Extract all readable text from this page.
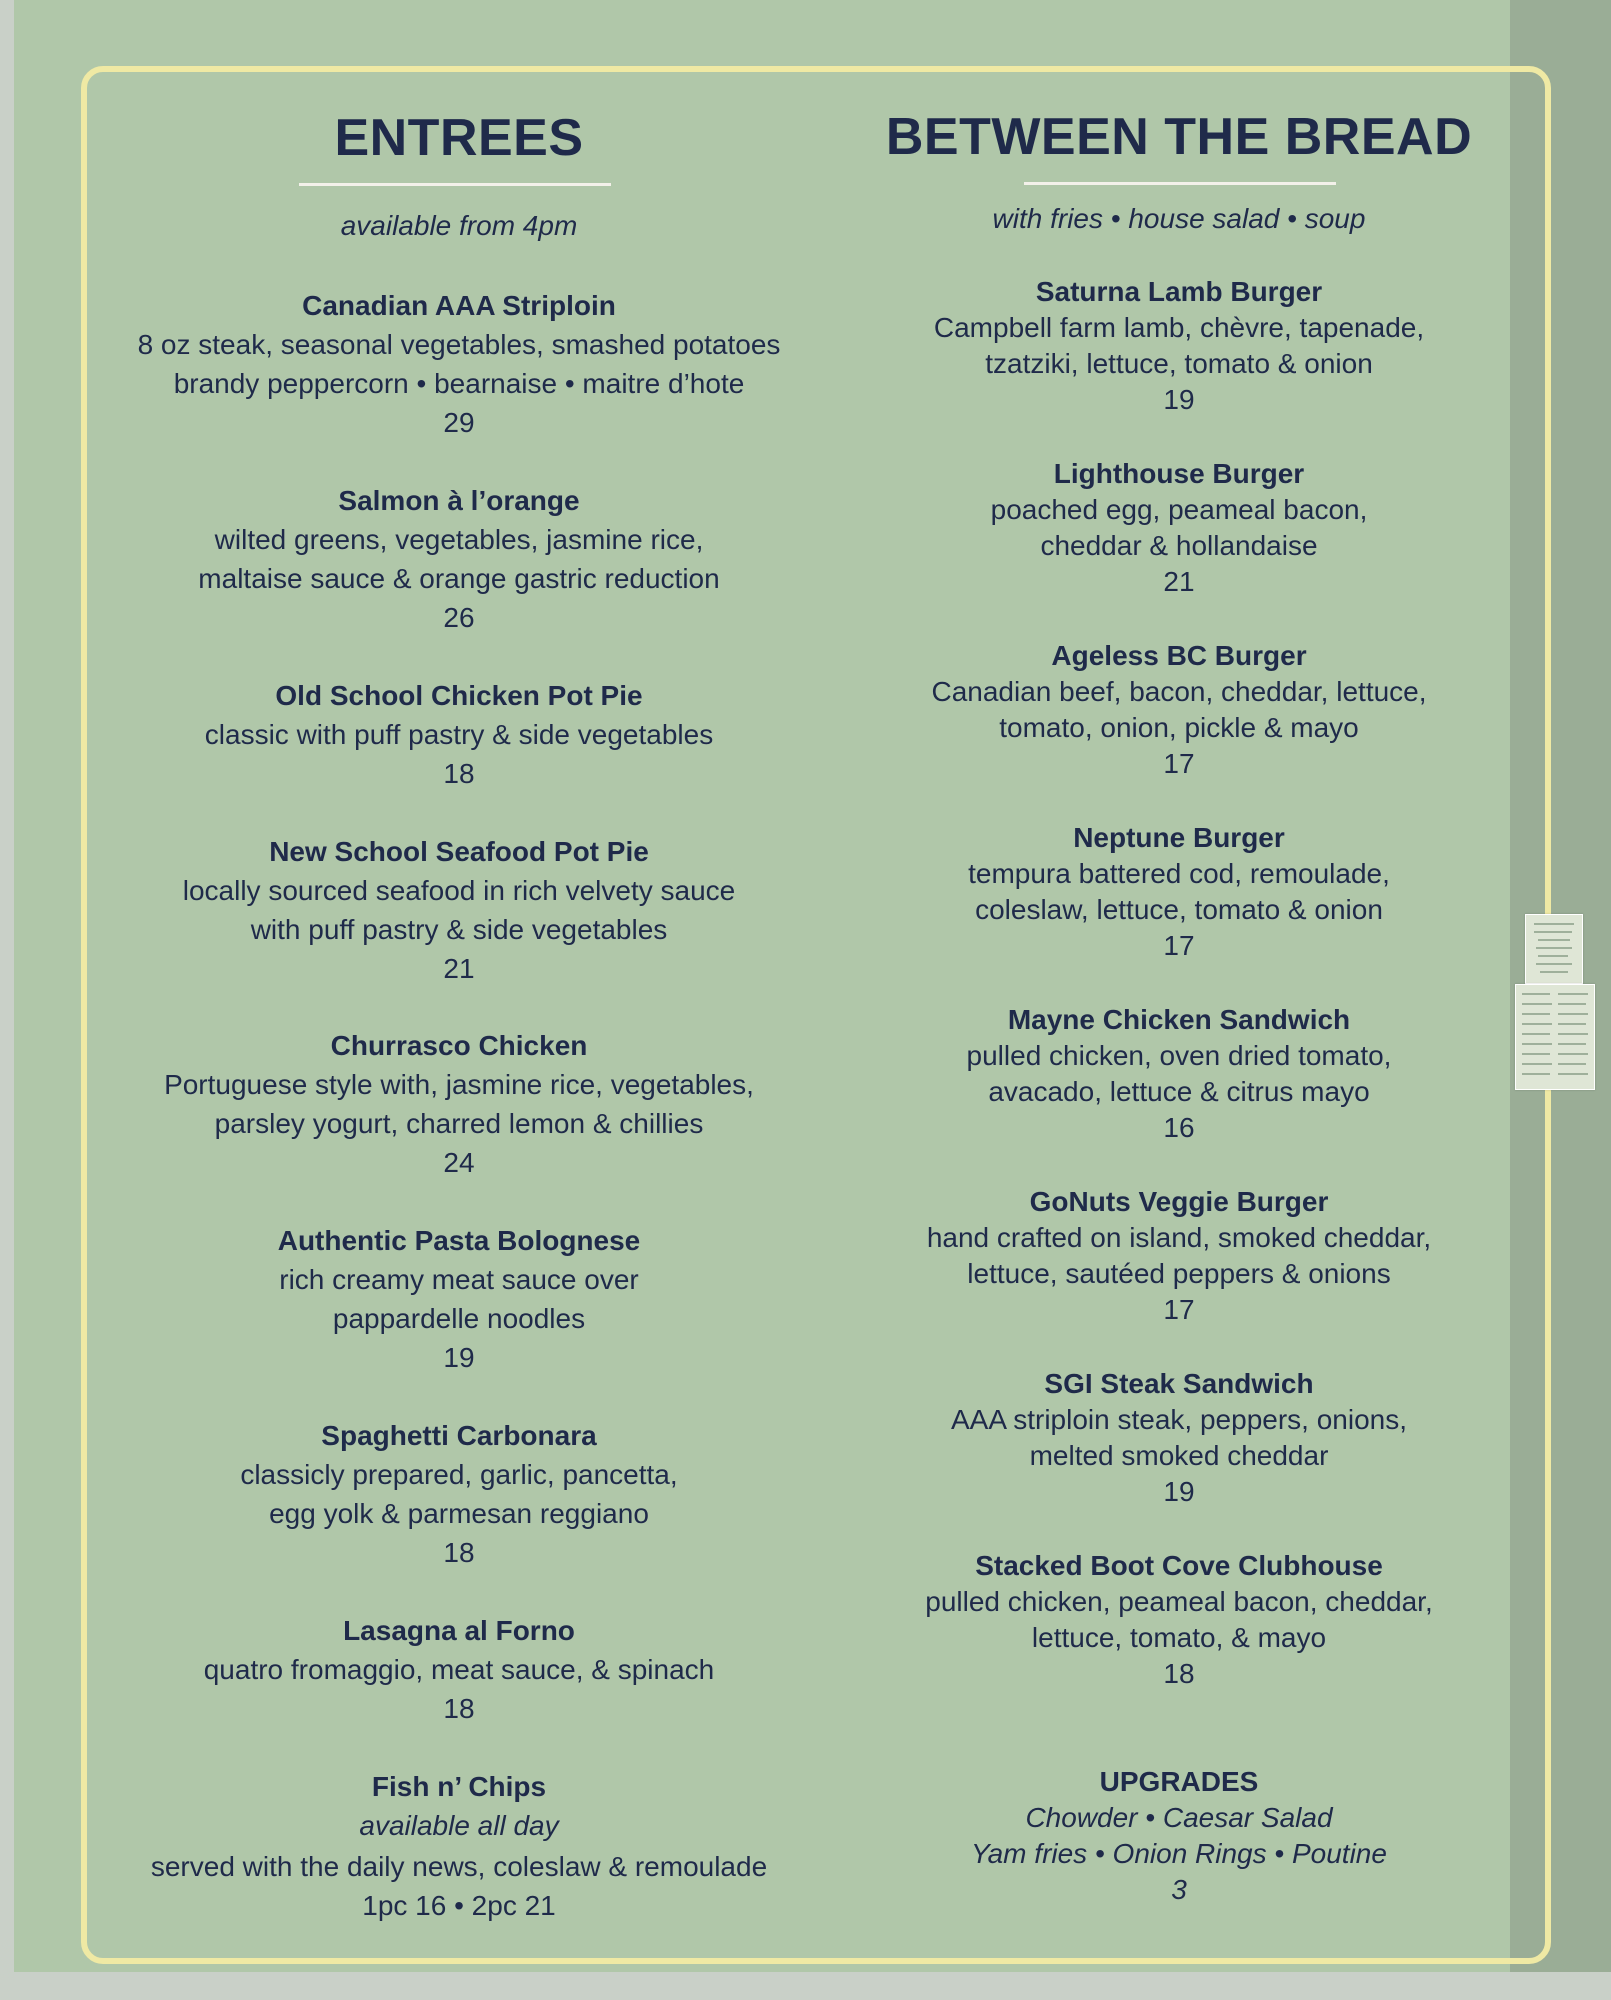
ENTREES
available from 4pm
Canadian AAA Striploin
8 oz steak, seasonal vegetables, smashed potatoes
brandy peppercorn • bearnaise • maitre d’hote
29
Salmon à l’orange
wilted greens, vegetables, jasmine rice,
maltaise sauce & orange gastric reduction
26
Old School Chicken Pot Pie
classic with puff pastry & side vegetables
18
New School Seafood Pot Pie
locally sourced seafood in rich velvety sauce
with puff pastry & side vegetables
21
Churrasco Chicken
Portuguese style with, jasmine rice, vegetables,
parsley yogurt, charred lemon & chillies
24
Authentic Pasta Bolognese
rich creamy meat sauce over
pappardelle noodles
19
Spaghetti Carbonara
classicly prepared, garlic, pancetta,
egg yolk & parmesan reggiano
18
Lasagna al Forno
quatro fromaggio, meat sauce, & spinach
18
Fish n’ Chips
available all day
served with the daily news, coleslaw & remoulade
1pc 16 • 2pc 21
BETWEEN THE BREAD
with fries • house salad • soup
Saturna Lamb Burger
Campbell farm lamb, chèvre, tapenade,
tzatziki, lettuce, tomato & onion
19
Lighthouse Burger
poached egg, peameal bacon,
cheddar & hollandaise
21
Ageless BC Burger
Canadian beef, bacon, cheddar, lettuce,
tomato, onion, pickle & mayo
17
Neptune Burger
tempura battered cod, remoulade,
coleslaw, lettuce, tomato & onion
17
Mayne Chicken Sandwich
pulled chicken, oven dried tomato,
avacado, lettuce & citrus mayo
16
GoNuts Veggie Burger
hand crafted on island, smoked cheddar,
lettuce, sautéed peppers & onions
17
SGI Steak Sandwich
AAA striploin steak, peppers, onions,
melted smoked cheddar
19
Stacked Boot Cove Clubhouse
pulled chicken, peameal bacon, cheddar,
lettuce, tomato, & mayo
18
UPGRADES
Chowder • Caesar Salad
Yam fries • Onion Rings • Poutine
3
